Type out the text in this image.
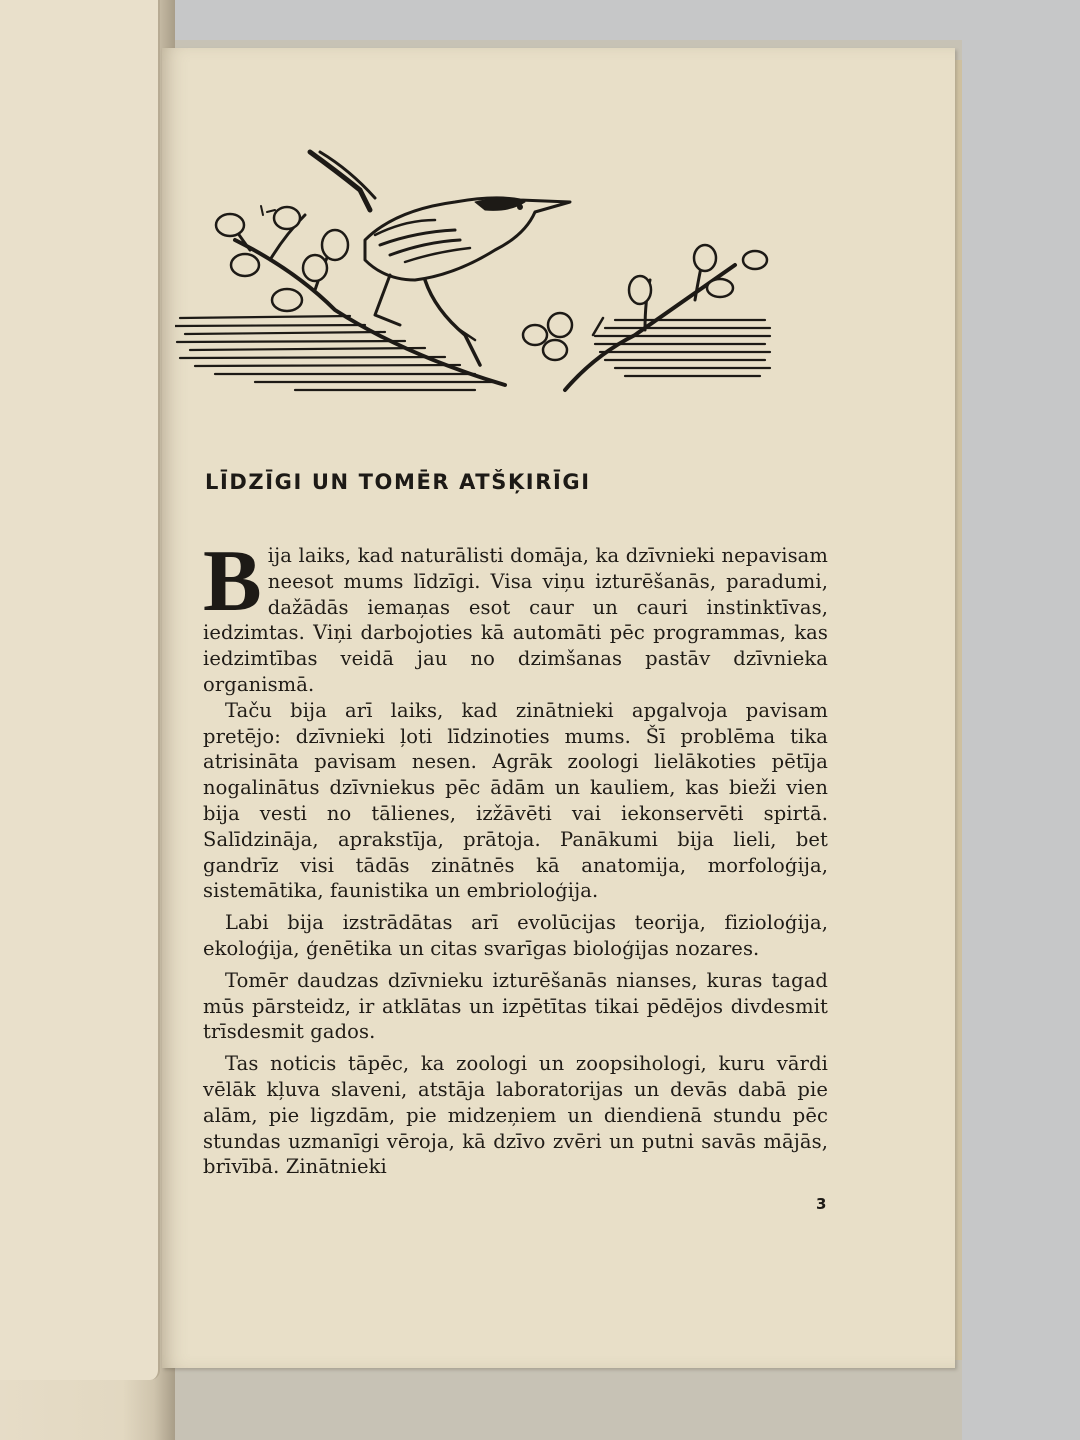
LĪDZĪGI UN TOMĒR ATŠĶIRĪGI

Bija laiks, kad naturālisti domāja, ka dzīvnieki nepavisam neesot mums līdzīgi. Visa viņu izturēšanās, paradumi, dažādās iemaņas esot caur un cauri instinktīvas, iedzimtas. Viņi darbojoties kā automāti pēc programmas, kas iedzimtības veidā jau no dzimšanas pastāv dzīvnieka organismā.

Taču bija arī laiks, kad zinātnieki apgalvoja pavisam pretējo: dzīvnieki ļoti līdzinoties mums. Šī problēma tika atrisināta pavisam nesen. Agrāk zoologi lielākoties pētīja nogalinātus dzīvniekus pēc ādām un kauliem, kas bieži vien bija vesti no tālienes, izžāvēti vai iekonservēti spirtā. Salīdzināja, aprakstīja, prātoja. Panākumi bija lieli, bet gandrīz visi tādās zinātnēs kā anatomija, morfoloģija, sistemātika, faunistika un embrioloģija.

Labi bija izstrādātas arī evolūcijas teorija, fizioloģija, ekoloģija, ģenētika un citas svarīgas bioloģijas nozares.

Tomēr daudzas dzīvnieku izturēšanās nianses, kuras tagad mūs pārsteidz, ir atklātas un izpētītas tikai pēdējos divdesmit trīsdesmit gados.

Tas noticis tāpēc, ka zoologi un zoopsihologi, kuru vārdi vēlāk kļuva slaveni, atstāja laboratorijas un devās dabā pie alām, pie ligzdām, pie midzeņiem un diendienā stundu pēc stundas uzmanīgi vēroja, kā dzīvo zvēri un putni savās mājās, brīvībā. Zinātnieki

3
